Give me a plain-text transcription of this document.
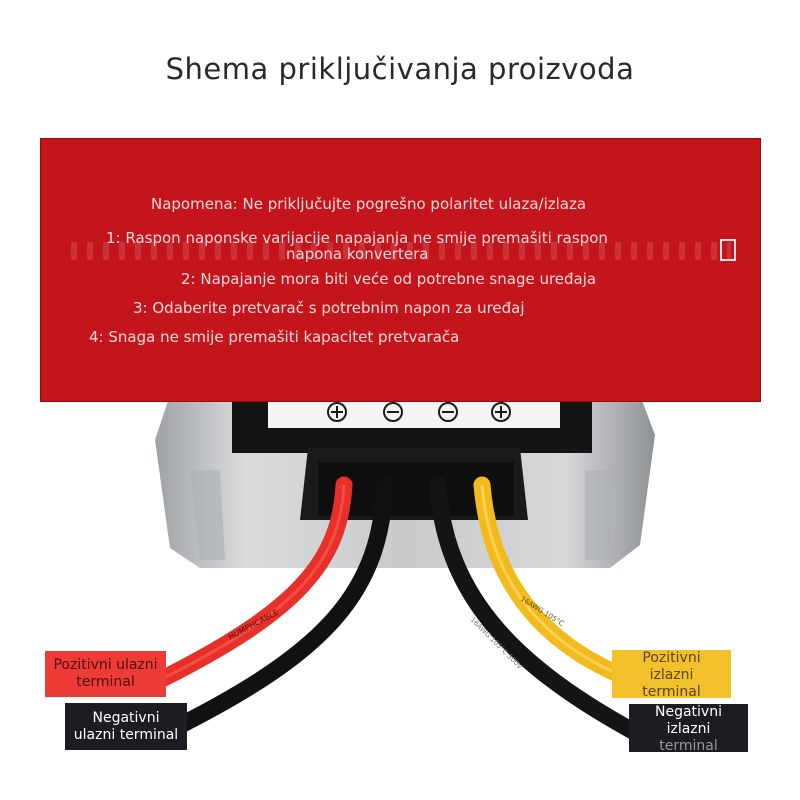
Shema priključivanja proizvoda
HUMPHCABLE	16AWG 105°C
16AWG 105°C 300V
Napomena: Ne priključujte pogrešno polaritet ulaza/izlaza
1: Raspon naponske varijacije napajanja ne smije premašiti raspon
napona konvertera
2: Napajanje mora biti veće od potrebne snage uređaja
3: Odaberite pretvarač s potrebnim napon za uređaj
4: Snaga ne smije premašiti kapacitet pretvarača
Pozitivni ulazni
terminal
Negativni
ulazni terminal
Pozitivni
izlazni
terminal
Negativni
izlazni
terminal
